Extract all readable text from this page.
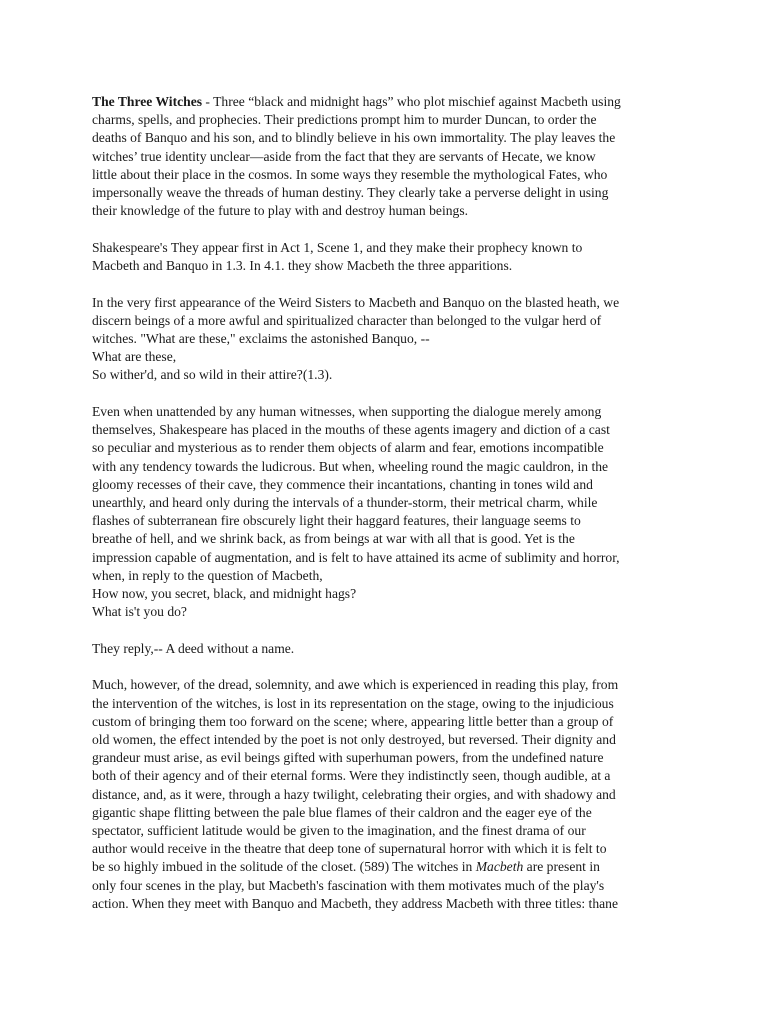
The Three Witches - Three “black and midnight hags” who plot mischief against Macbeth using
charms, spells, and prophecies. Their predictions prompt him to murder Duncan, to order the
deaths of Banquo and his son, and to blindly believe in his own immortality. The play leaves the
witches’ true identity unclear—aside from the fact that they are servants of Hecate, we know
little about their place in the cosmos. In some ways they resemble the mythological Fates, who
impersonally weave the threads of human destiny. They clearly take a perverse delight in using
their knowledge of the future to play with and destroy human beings.
Shakespeare's They appear first in Act 1, Scene 1, and they make their prophecy known to
Macbeth and Banquo in 1.3. In 4.1. they show Macbeth the three apparitions.
In the very first appearance of the Weird Sisters to Macbeth and Banquo on the blasted heath, we
discern beings of a more awful and spiritualized character than belonged to the vulgar herd of
witches. "What are these," exclaims the astonished Banquo, --
What are these,
So wither'd, and so wild in their attire?(1.3).
Even when unattended by any human witnesses, when supporting the dialogue merely among
themselves, Shakespeare has placed in the mouths of these agents imagery and diction of a cast
so peculiar and mysterious as to render them objects of alarm and fear, emotions incompatible
with any tendency towards the ludicrous. But when, wheeling round the magic cauldron, in the
gloomy recesses of their cave, they commence their incantations, chanting in tones wild and
unearthly, and heard only during the intervals of a thunder-storm, their metrical charm, while
flashes of subterranean fire obscurely light their haggard features, their language seems to
breathe of hell, and we shrink back, as from beings at war with all that is good. Yet is the
impression capable of augmentation, and is felt to have attained its acme of sublimity and horror,
when, in reply to the question of Macbeth,
How now, you secret, black, and midnight hags?
What is't you do?
They reply,-- A deed without a name.
Much, however, of the dread, solemnity, and awe which is experienced in reading this play, from
the intervention of the witches, is lost in its representation on the stage, owing to the injudicious
custom of bringing them too forward on the scene; where, appearing little better than a group of
old women, the effect intended by the poet is not only destroyed, but reversed. Their dignity and
grandeur must arise, as evil beings gifted with superhuman powers, from the undefined nature
both of their agency and of their eternal forms. Were they indistinctly seen, though audible, at a
distance, and, as it were, through a hazy twilight, celebrating their orgies, and with shadowy and
gigantic shape flitting between the pale blue flames of their caldron and the eager eye of the
spectator, sufficient latitude would be given to the imagination, and the finest drama of our
author would receive in the theatre that deep tone of supernatural horror with which it is felt to
be so highly imbued in the solitude of the closet. (589) The witches in Macbeth are present in
only four scenes in the play, but Macbeth's fascination with them motivates much of the play's
action. When they meet with Banquo and Macbeth, they address Macbeth with three titles: thane
